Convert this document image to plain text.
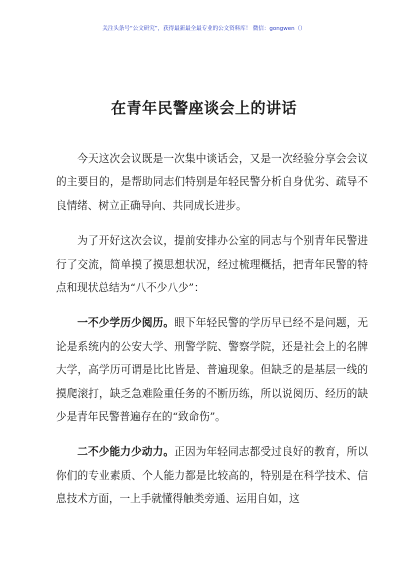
关注头条号“公文研究”，获得最新最全最专业的公文资料库！ 微信：gongwen（）
在青年民警座谈会上的讲话

今天这次会议既是一次集中谈话会，又是一次经验分享会会议的主要目的，是帮助同志们特别是年轻民警分析自身优劣、疏导不良情绪、树立正确导向、共同成长进步。

为了开好这次会议，提前安排办公室的同志与个别青年民警进行了交流，简单摸了摸思想状况，经过梳理概括，把青年民警的特点和现状总结为“八不少八少”：

一不少学历少阅历。眼下年轻民警的学历早已经不是问题，无论是系统内的公安大学、刑警学院、警察学院，还是社会上的名牌大学，高学历可谓是比比皆是、普遍现象。但缺乏的是基层一线的摸爬滚打，缺乏急难险重任务的不断历练，所以说阅历、经历的缺少是青年民警普遍存在的“致命伤”。

二不少能力少动力。正因为年轻同志都受过良好的教育，所以你们的专业素质、个人能力都是比较高的，特别是在科学技术、信息技术方面，一上手就懂得触类旁通、运用自如，这
